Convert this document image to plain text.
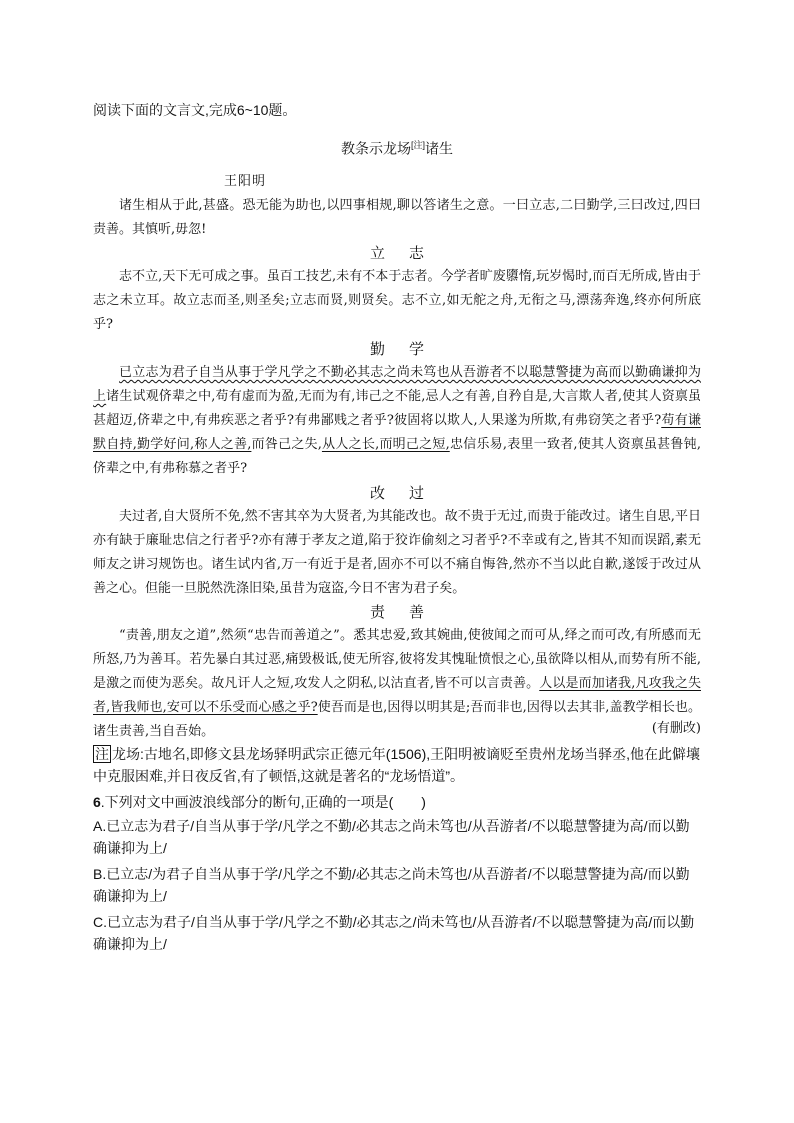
阅读下面的文言文,完成6~10题。
教条示龙场[注]诸生
王阳明
诸生相从于此,甚盛。恐无能为助也,以四事相规,聊以答诸生之意。一曰立志,二曰勤学,三曰改过,四曰责善。其慎听,毋忽!
立志
志不立,天下无可成之事。虽百工技艺,未有不本于志者。今学者旷废隳惰,玩岁愒时,而百无所成,皆由于志之未立耳。故立志而圣,则圣矣;立志而贤,则贤矣。志不立,如无舵之舟,无衔之马,漂荡奔逸,终亦何所底乎?
勤学
已立志为君子自当从事于学凡学之不勤必其志之尚未笃也从吾游者不以聪慧警捷为高而以勤确谦抑为上诸生试观侪辈之中,苟有虚而为盈,无而为有,讳己之不能,忌人之有善,自矜自是,大言欺人者,使其人资禀虽甚超迈,侪辈之中,有弗疾恶之者乎?有弗鄙贱之者乎?彼固将以欺人,人果遂为所欺,有弗窃笑之者乎?苟有谦默自持,勤学好问,称人之善,而咎己之失,从人之长,而明己之短,忠信乐易,表里一致者,使其人资禀虽甚鲁钝,侪辈之中,有弗称慕之者乎?
改过
夫过者,自大贤所不免,然不害其卒为大贤者,为其能改也。故不贵于无过,而贵于能改过。诸生自思,平日亦有缺于廉耻忠信之行者乎?亦有薄于孝友之道,陷于狡诈偷刻之习者乎?不幸或有之,皆其不知而误蹈,素无师友之讲习规饬也。诸生试内省,万一有近于是者,固亦不可以不痛自悔咎,然亦不当以此自歉,遂馁于改过从善之心。但能一旦脱然洗涤旧染,虽昔为寇盗,今日不害为君子矣。
责善
“责善,朋友之道”,然须“忠告而善道之”。悉其忠爱,致其婉曲,使彼闻之而可从,绎之而可改,有所感而无所怒,乃为善耳。若先暴白其过恶,痛毁极诋,使无所容,彼将发其愧耻愤恨之心,虽欲降以相从,而势有所不能,是激之而使为恶矣。故凡讦人之短,攻发人之阴私,以沽直者,皆不可以言责善。人以是而加诸我,凡攻我之失者,皆我师也,安可以不乐受而心感之乎?使吾而是也,因得以明其是;吾而非也,因得以去其非,盖教学相长也。诸生责善,当自吾始。	(有删改)
注 龙场:古地名,即修文县龙场驿明武宗正德元年(1506),王阳明被谪贬至贵州龙场当驿丞,他在此僻壤中克服困难,并日夜反省,有了顿悟,这就是著名的“龙场悟道”。
6.下列对文中画波浪线部分的断句,正确的一项是(　　)
A.已立志为君子/自当从事于学/凡学之不勤/必其志之尚未笃也/从吾游者/不以聪慧警捷为高/而以勤确谦抑为上/
B.已立志/为君子自当从事于学/凡学之不勤/必其志之尚未笃也/从吾游者/不以聪慧警捷为高/而以勤确谦抑为上/
C.已立志为君子/自当从事于学/凡学之不勤/必其志之/尚未笃也/从吾游者/不以聪慧警捷为高/而以勤确谦抑为上/
